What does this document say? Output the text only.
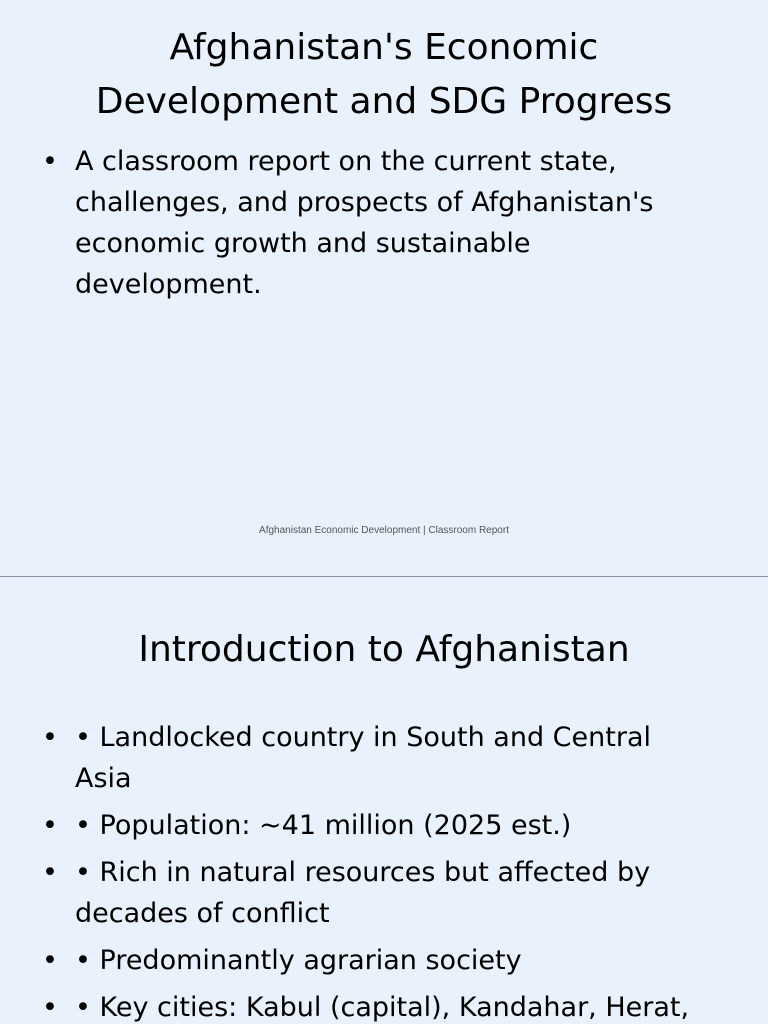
Afghanistan's Economic
Development and SDG Progress
• A classroom report on the current state, challenges, and prospects of Afghanistan's economic growth and sustainable development.
Afghanistan Economic Development | Classroom Report
Introduction to Afghanistan
• • Landlocked country in South and Central Asia
• • Population: ~41 million (2025 est.)
• • Rich in natural resources but affected by decades of conflict
• • Predominantly agrarian society
• • Key cities: Kabul (capital), Kandahar, Herat,
